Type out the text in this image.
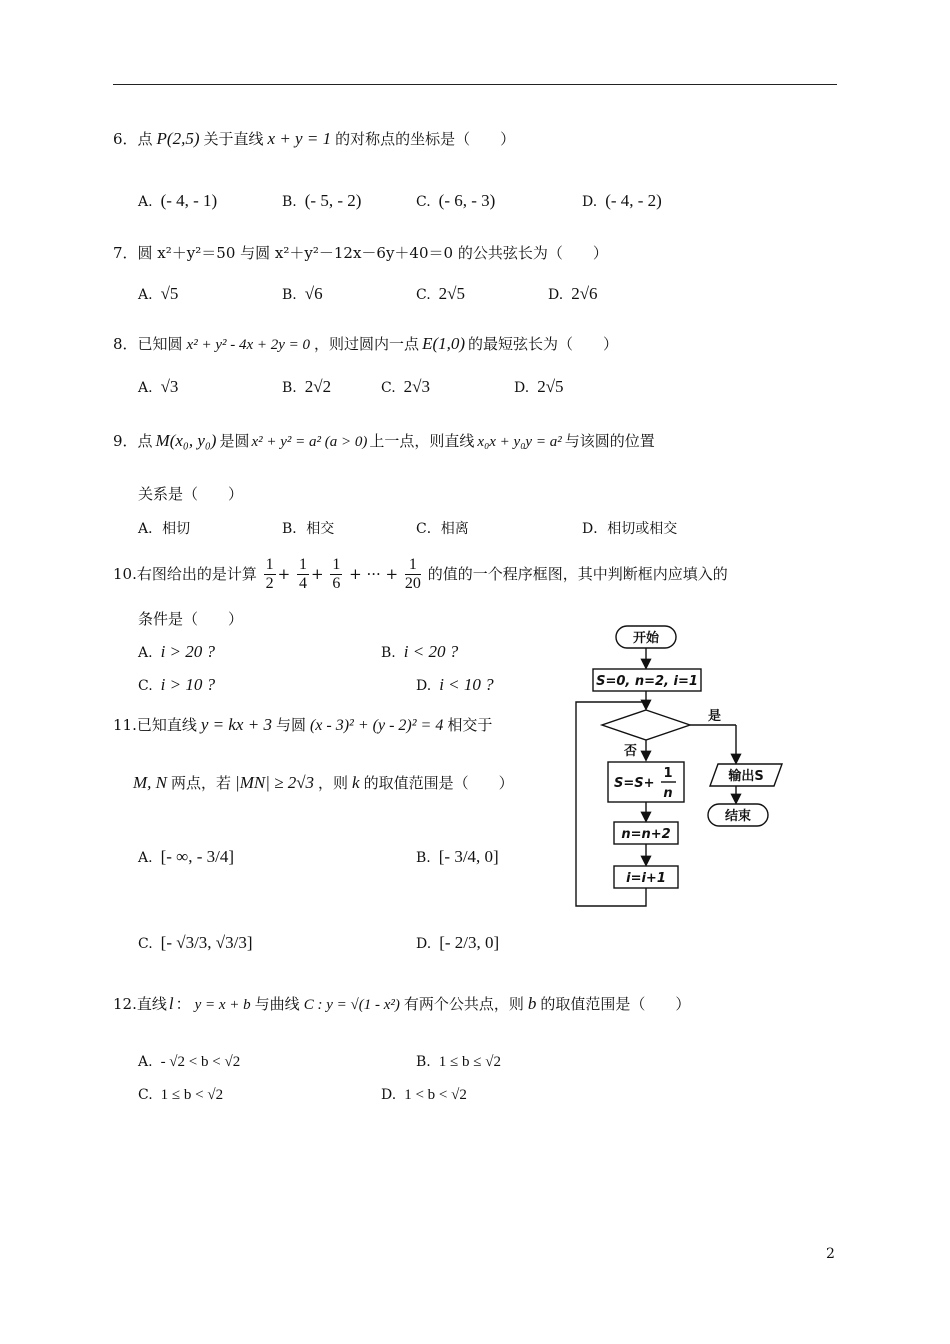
6．点 P(2,5) 关于直线 x + y = 1 的对称点的坐标是（　　）
A. (- 4, - 1)	B. (- 5, - 2)	C. (- 6, - 3)	D. (- 4, - 2)
7．圆 x²＋y²＝50 与圆 x²＋y²－12x－6y＋40＝0 的公共弦长为（　　）
A. √5	B. √6	C. 2√5	D. 2√6
8．已知圆 x² + y² - 4x + 2y = 0 ，则过圆内一点 E(1,0) 的最短弦长为（　　）
A. √3	B. 2√2	C. 2√3	D. 2√5
9．点 M(x₀, y₀) 是圆 x² + y² = a² (a > 0) 上一点，则直线 x₀x + y₀y = a² 与该圆的位置
关系是（　　）
A．相切	B．相交	C．相离	D．相切或相交
10.右图给出的是计算 $\frac{1}{2} + \frac{1}{4} + \frac{1}{6}$ + ··· + $\frac{1}{20}$ 的值的一个程序框图，其中判断框内应填入的
条件是（　　）
A. i > 20 ?	B. i < 20 ?
C. i > 10 ?	D. i < 10 ?
11.已知直线 y = kx + 3 与圆 (x - 3)² + (y - 2)² = 4 相交于
M, N 两点，若 |MN| ≥ 2√3 ，则 k 的取值范围是（　　）
A. [- ∞, - 3/4]	B. [- 3/4, 0]
C. [- √3/3, √3/3]	D. [- 2/3, 0]
12.直线 l ： y = x + b 与曲线 C : y = √(1 - x²) 有两个公共点，则 b 的取值范围是（　　）
A. - √2 < b < √2	B. 1 ≤ b ≤ √2
C. 1 ≤ b < √2	D. 1 < b < √2
开始
S=0, n=2, i=1
是
否
S=S+
1
n
输出S
结束
n=n+2
i=i+1
2
